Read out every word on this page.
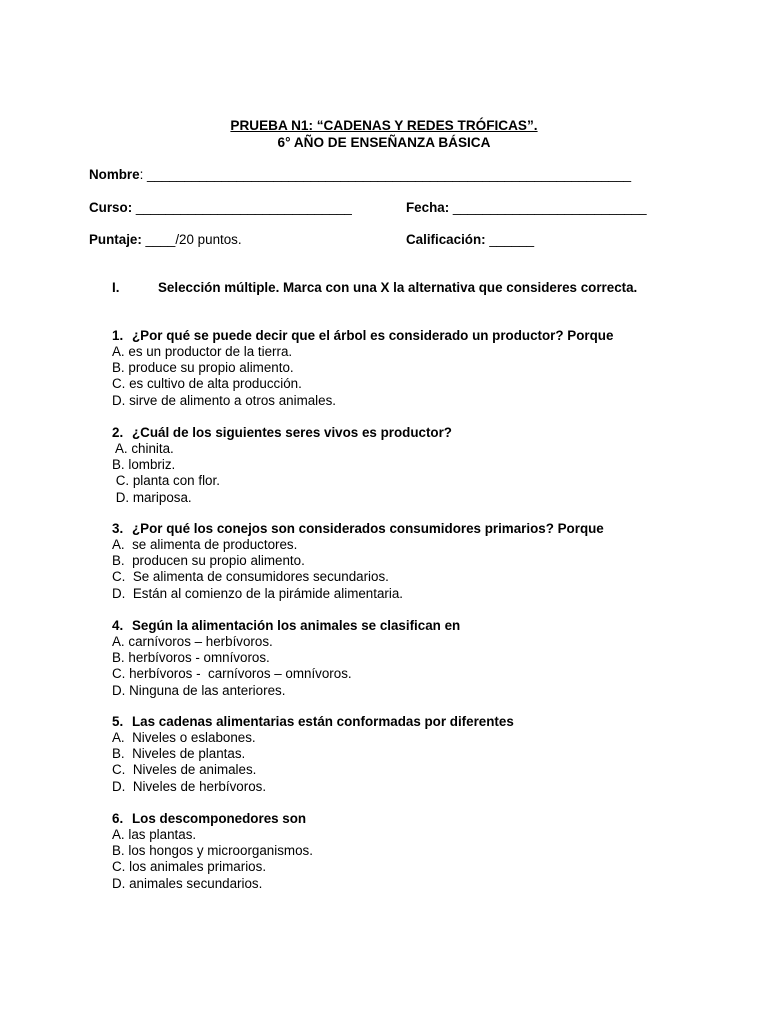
PRUEBA N1: “CADENAS Y REDES TRÓFICAS”.
6° AÑO DE ENSEÑANZA BÁSICA
Nombre: _________________________________________________________________
Curso: _____________________________	Fecha: __________________________
Puntaje: ____/20 puntos.	Calificación: ______
I.	Selección múltiple. Marca con una X la alternativa que consideres correcta.
1. ¿Por qué se puede decir que el árbol es considerado un productor? Porque
A. es un productor de la tierra.
B. produce su propio alimento.
C. es cultivo de alta producción.
D. sirve de alimento a otros animales.
2. ¿Cuál de los siguientes seres vivos es productor?
A. chinita.
B. lombriz.
C. planta con flor.
D. mariposa.
3. ¿Por qué los conejos son considerados consumidores primarios? Porque
A.  se alimenta de productores.
B.  producen su propio alimento.
C.  Se alimenta de consumidores secundarios.
D.  Están al comienzo de la pirámide alimentaria.
4. Según la alimentación los animales se clasifican en
A. carnívoros – herbívoros.
B. herbívoros - omnívoros.
C. herbívoros -  carnívoros – omnívoros.
D. Ninguna de las anteriores.
5. Las cadenas alimentarias están conformadas por diferentes
A.  Niveles o eslabones.
B.  Niveles de plantas.
C.  Niveles de animales.
D.  Niveles de herbívoros.
6. Los descomponedores son
A. las plantas.
B. los hongos y microorganismos.
C. los animales primarios.
D. animales secundarios.
